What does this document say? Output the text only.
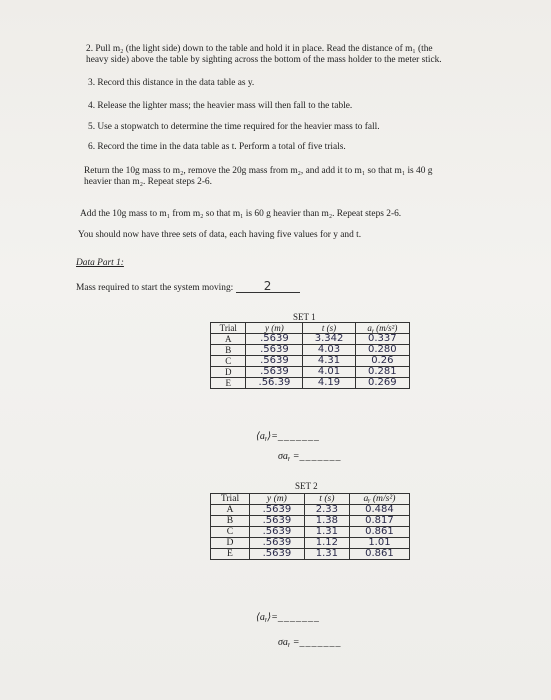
2. Pull m₂ (the light side) down to the table and hold it in place. Read the distance of m₁ (the
heavy side) above the table by sighting across the bottom of the mass holder to the meter stick.
3. Record this distance in the data table as y.
4. Release the lighter mass; the heavier mass will then fall to the table.
5. Use a stopwatch to determine the time required for the heavier mass to fall.
6. Record the time in the data table as t. Perform a total of five trials.
Return the 10g mass to m₂, remove the 20g mass from m₂, and add it to m₁ so that m₁ is 40 g
heavier than m₂. Repeat steps 2-6.
Add the 10g mass to m₁ from m₂ so that m₁ is 60 g heavier than m₂. Repeat steps 2-6.
You should now have three sets of data, each having five values for y and t.
Data Part 1:
Mass required to start the system moving:	2
SET 1
Trial	y (m)	t (s)	aᵧ (m/s²)
A	.5639	3.342	0.337
B	.5639	4.03	0.280
C	.5639	4.31	0.26
D	.5639	4.01	0.281
E	.56.39	4.19	0.269
⟨aᵧ⟩=_______
σaᵧ =_______
SET 2
Trial	y (m)	t (s)	aᵧ (m/s²)
A	.5639	2.33	0.484
B	.5639	1.38	0.817
C	.5639	1.31	0.861
D	.5639	1.12	1.01
E	.5639	1.31	0.861
⟨aᵧ⟩=_______
σaᵧ =_______
